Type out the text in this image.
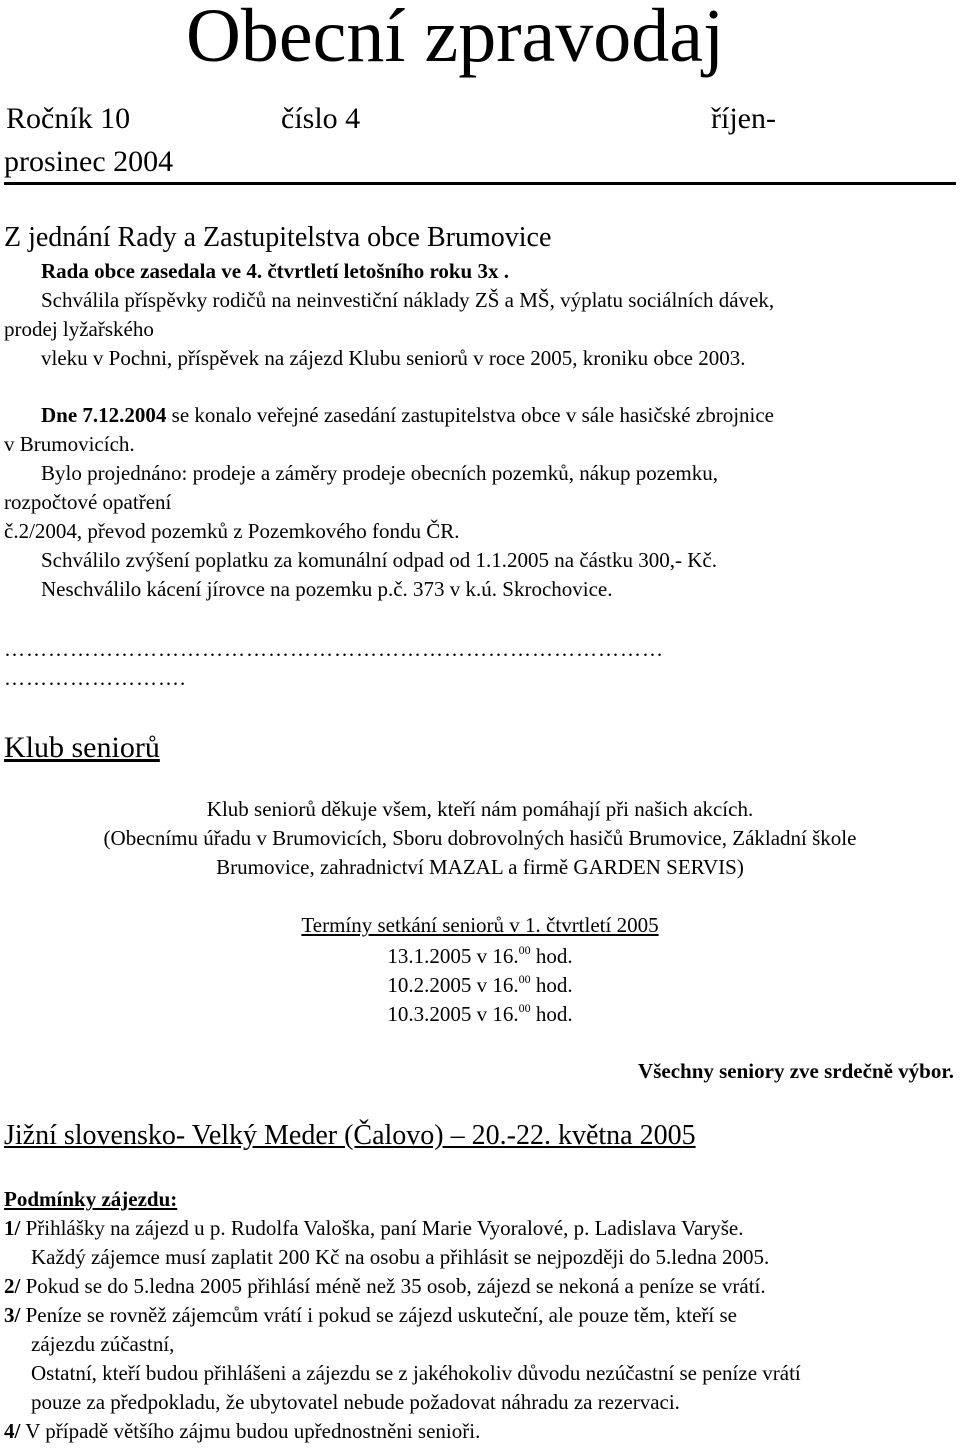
Obecní zpravodaj
Ročník 10	číslo 4	říjen-
prosinec 2004
Z jednání Rady a Zastupitelstva obce Brumovice
Rada obce zasedala ve 4. čtvrtletí letošního roku 3x .
Schválila příspěvky rodičů na neinvestiční náklady ZŠ a MŠ, výplatu sociálních dávek,
prodej lyžařského
vleku v Pochni, příspěvek na zájezd Klubu seniorů v roce 2005, kroniku obce 2003.
Dne 7.12.2004 se konalo veřejné zasedání zastupitelstva obce v sále hasičské zbrojnice
v Brumovicích.
Bylo projednáno: prodeje a záměry prodeje obecních pozemků, nákup pozemku,
rozpočtové opatření
č.2/2004, převod pozemků z Pozemkového fondu ČR.
Schválilo zvýšení poplatku za komunální odpad od 1.1.2005 na částku 300,- Kč.
Neschválilo kácení jírovce na pozemku p.č. 373 v k.ú. Skrochovice.
………………………………………………………………………………
…………………….
Klub seniorů
Klub seniorů děkuje všem, kteří nám pomáhají při našich akcích.
(Obecnímu úřadu v Brumovicích, Sboru dobrovolných hasičů Brumovice, Základní škole
Brumovice, zahradnictví MAZAL a firmě GARDEN SERVIS)
Termíny setkání seniorů v 1. čtvrtletí 2005
13.1.2005 v 16.00 hod.
10.2.2005 v 16.00 hod.
10.3.2005 v 16.00 hod.
Všechny seniory zve srdečně výbor.
Jižní slovensko- Velký Meder (Čalovo) – 20.-22. května 2005
Podmínky zájezdu:
1/ Přihlášky na zájezd u p. Rudolfa Valoška, paní Marie Vyoralové, p. Ladislava Varyše.
Každý zájemce musí zaplatit 200 Kč na osobu a přihlásit se nejpozději do 5.ledna 2005.
2/ Pokud se do 5.ledna 2005 přihlásí méně než 35 osob, zájezd se nekoná a peníze se vrátí.
3/ Peníze se rovněž zájemcům vrátí i pokud se zájezd uskuteční, ale pouze těm, kteří se
zájezdu zúčastní,
Ostatní, kteří budou přihlášeni a zájezdu se z jakéhokoliv důvodu nezúčastní se peníze vrátí
pouze za předpokladu, že ubytovatel nebude požadovat náhradu za rezervaci.
4/ V případě většího zájmu budou upřednostněni senioři.
